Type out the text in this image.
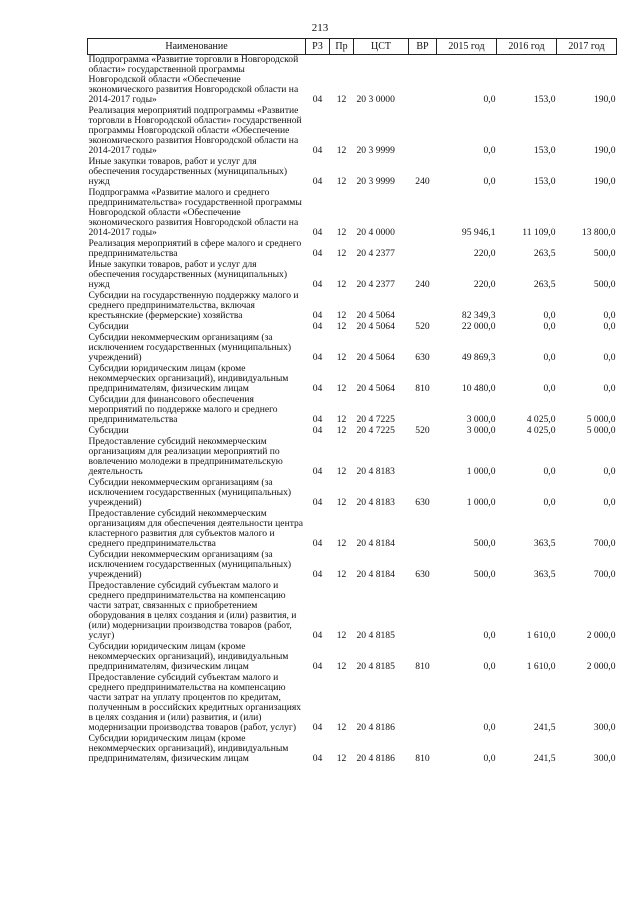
213
Наименование	РЗ	Пр	ЦСТ	ВР	2015 год	2016 год	2017 год
Подпрограмма «Развитие торговли в Новгородской области» государственной программы Новгородской области «Обеспечение экономического развития Новгородской области на 2014-2017 годы»	04	12	20 3 0000		0,0	153,0	190,0
Реализация мероприятий подпрограммы «Развитие торговли в Новгородской области» государственной программы Новгородской области «Обеспечение экономического развития Новгородской области на 2014-2017 годы»	04	12	20 3 9999		0,0	153,0	190,0
Иные закупки товаров, работ и услуг для обеспечения государственных (муниципальных) нужд	04	12	20 3 9999	240	0,0	153,0	190,0
Подпрограмма «Развитие малого и среднего предпринимательства» государственной программы Новгородской области «Обеспечение экономического развития Новгородской области на 2014-2017 годы»	04	12	20 4 0000		95 946,1	11 109,0	13 800,0
Реализация мероприятий в сфере малого и среднего предпринимательства	04	12	20 4 2377		220,0	263,5	500,0
Иные закупки товаров, работ и услуг для обеспечения государственных (муниципальных) нужд	04	12	20 4 2377	240	220,0	263,5	500,0
Субсидии на государственную поддержку малого и среднего предпринимательства, включая крестьянские (фермерские) хозяйства	04	12	20 4 5064		82 349,3	0,0	0,0
Субсидии	04	12	20 4 5064	520	22 000,0	0,0	0,0
Субсидии некоммерческим организациям (за исключением государственных (муниципальных) учреждений)	04	12	20 4 5064	630	49 869,3	0,0	0,0
Субсидии юридическим лицам (кроме некоммерческих организаций), индивидуальным предпринимателям, физическим лицам	04	12	20 4 5064	810	10 480,0	0,0	0,0
Субсидии для финансового обеспечения мероприятий по поддержке малого и среднего предпринимательства	04	12	20 4 7225		3 000,0	4 025,0	5 000,0
Субсидии	04	12	20 4 7225	520	3 000,0	4 025,0	5 000,0
Предоставление субсидий некоммерческим организациям для реализации мероприятий по вовлечению молодежи в предпринимательскую деятельность	04	12	20 4 8183		1 000,0	0,0	0,0
Субсидии некоммерческим организациям (за исключением государственных (муниципальных) учреждений)	04	12	20 4 8183	630	1 000,0	0,0	0,0
Предоставление субсидий некоммерческим организациям для обеспечения деятельности центра кластерного развития для субъектов малого и среднего предпринимательства	04	12	20 4 8184		500,0	363,5	700,0
Субсидии некоммерческим организациям (за исключением государственных (муниципальных) учреждений)	04	12	20 4 8184	630	500,0	363,5	700,0
Предоставление субсидий субъектам малого и среднего предпринимательства на компенсацию части затрат, связанных с приобретением оборудования в целях создания и (или) развития, и (или) модернизации производства товаров (работ, услуг)	04	12	20 4 8185		0,0	1 610,0	2 000,0
Субсидии юридическим лицам (кроме некоммерческих организаций), индивидуальным предпринимателям, физическим лицам	04	12	20 4 8185	810	0,0	1 610,0	2 000,0
Предоставление субсидий субъектам малого и среднего предпринимательства на компенсацию части затрат на уплату процентов по кредитам, полученным в российских кредитных организациях в целях создания и (или) развития, и (или) модернизации производства товаров (работ, услуг)	04	12	20 4 8186		0,0	241,5	300,0
Субсидии юридическим лицам (кроме некоммерческих организаций), индивидуальным предпринимателям, физическим лицам	04	12	20 4 8186	810	0,0	241,5	300,0
